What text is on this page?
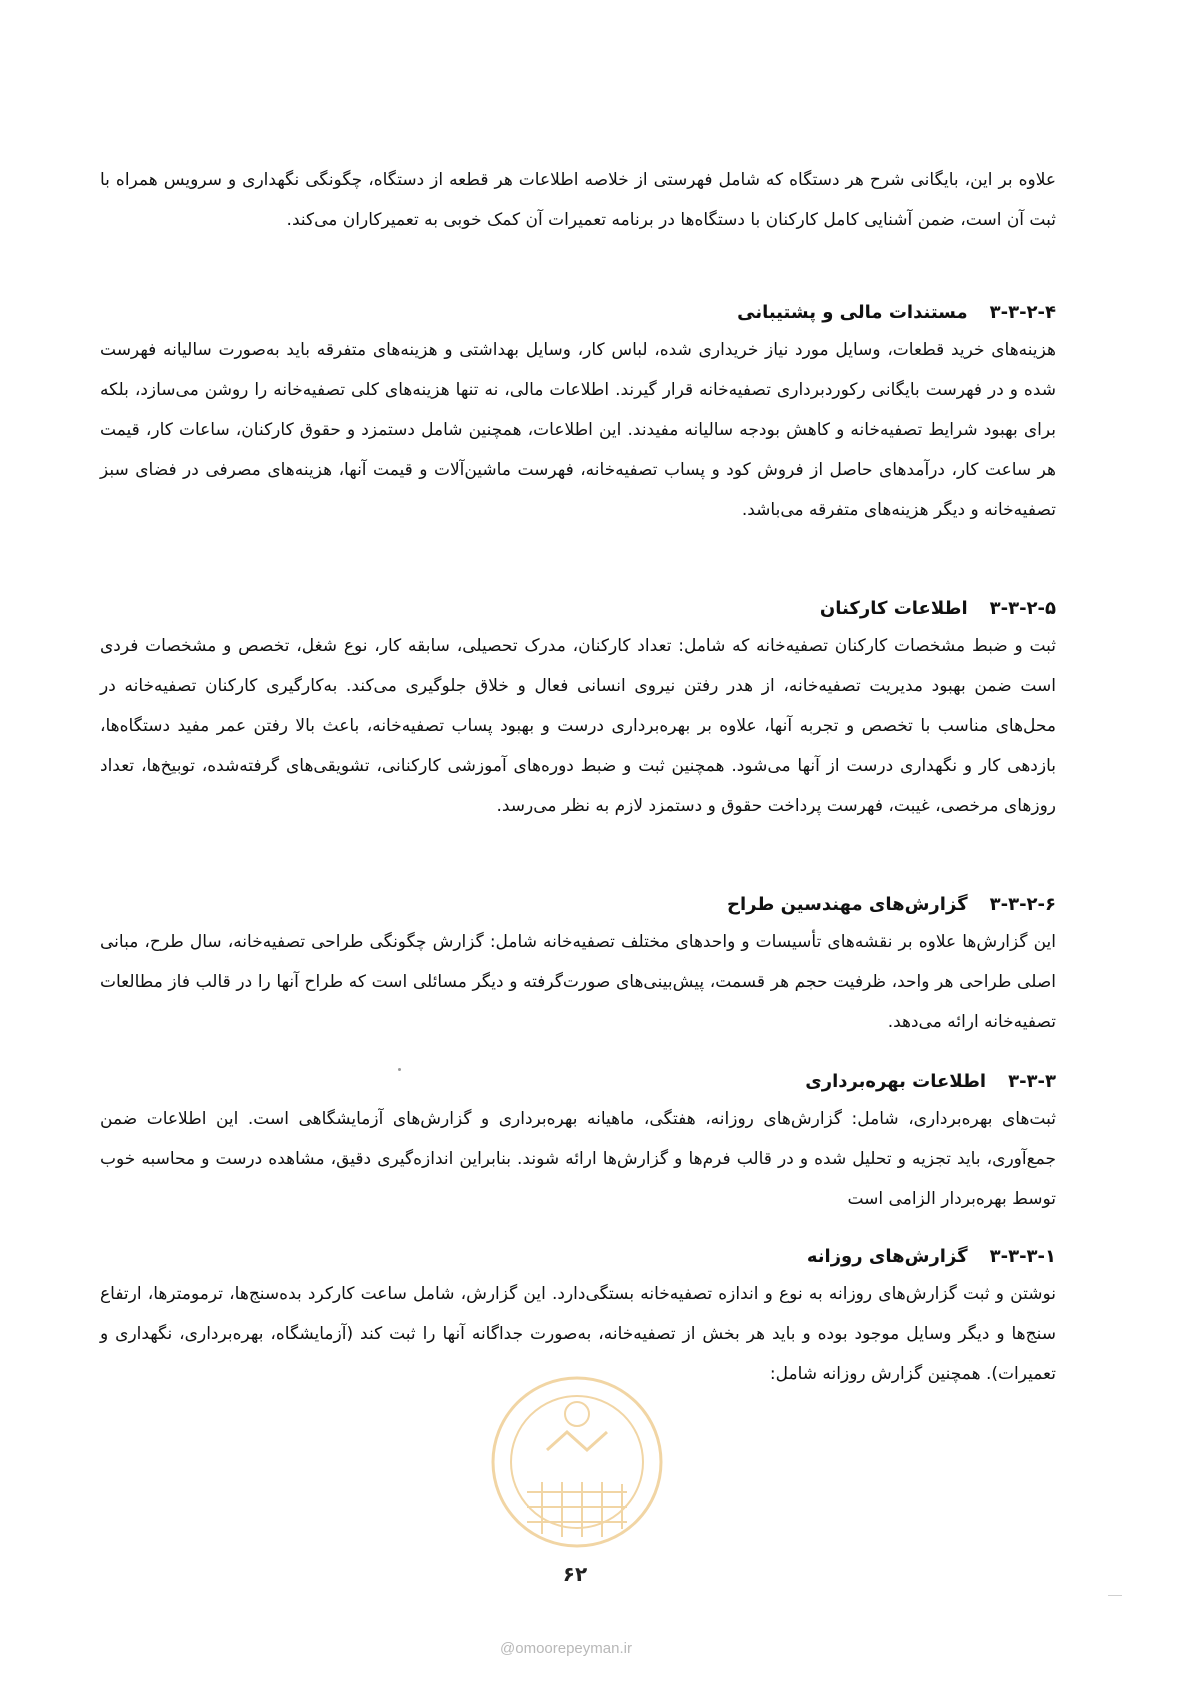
علاوه بر این، بایگانی شرح هر دستگاه که شامل فهرستی از خلاصه اطلاعات هر قطعه از دستگاه، چگونگی نگهداری و سرویس همراه با ثبت آن است، ضمن آشنایی کامل کارکنان با دستگاه‌ها در برنامه تعمیرات آن کمک خوبی به تعمیرکاران می‌کند.

۳-۳-۲-۴مستندات مالی و پشتیبانی

هزینه‌های خرید قطعات، وسایل مورد نیاز خریداری شده، لباس کار، وسایل بهداشتی و هزینه‌های متفرقه باید به‌صورت سالیانه فهرست شده و در فهرست بایگانی رکوردبرداری تصفیه‌خانه قرار گیرند. اطلاعات مالی، نه تنها هزینه‌های کلی تصفیه‌خانه را روشن می‌سازد، بلکه برای بهبود شرایط تصفیه‌خانه و کاهش بودجه سالیانه مفیدند. این اطلاعات، همچنین شامل دستمزد و حقوق کارکنان، ساعات کار، قیمت هر ساعت کار، درآمدهای حاصل از فروش کود و پساب تصفیه‌خانه، فهرست ماشین‌آلات و قیمت آنها، هزینه‌های مصرفی در فضای سبز تصفیه‌خانه و دیگر هزینه‌های متفرقه می‌باشد.

۳-۳-۲-۵اطلاعات کارکنان

ثبت و ضبط مشخصات کارکنان تصفیه‌خانه که شامل: تعداد کارکنان، مدرک تحصیلی، سابقه کار، نوع شغل، تخصص و مشخصات فردی است ضمن بهبود مدیریت تصفیه‌خانه، از هدر رفتن نیروی انسانی فعال و خلاق جلوگیری می‌کند. به‌کارگیری کارکنان تصفیه‌خانه در محل‌های مناسب با تخصص و تجربه آنها، علاوه بر بهره‌برداری درست و بهبود پساب تصفیه‌خانه، باعث بالا رفتن عمر مفید دستگاه‌ها، بازدهی کار و نگهداری درست از آنها می‌شود. همچنین ثبت و ضبط دوره‌های آموزشی کارکنانی، تشویقی‌های گرفته‌شده، توبیخ‌ها، تعداد روزهای مرخصی، غیبت، فهرست پرداخت حقوق و دستمزد لازم به نظر می‌رسد.

۳-۳-۲-۶گزارش‌های مهندسین طراح

این گزارش‌ها علاوه بر نقشه‌های تأسیسات و واحدهای مختلف تصفیه‌خانه شامل: گزارش چگونگی طراحی تصفیه‌خانه، سال طرح، مبانی اصلی طراحی هر واحد، ظرفیت حجم هر قسمت، پیش‌بینی‌های صورت‌گرفته و دیگر مسائلی است که طراح آنها را در قالب فاز مطالعات تصفیه‌خانه ارائه می‌دهد.

۳-۳-۳اطلاعات بهره‌برداری

ثبت‌های بهره‌برداری، شامل: گزارش‌های روزانه، هفتگی، ماهیانه بهره‌برداری و گزارش‌های آزمایشگاهی است. این اطلاعات ضمن جمع‌آوری، باید تجزیه و تحلیل شده و در قالب فرم‌ها و گزارش‌ها ارائه شوند. بنابراین اندازه‌گیری دقیق، مشاهده درست و محاسبه خوب توسط بهره‌بردار الزامی است

۳-۳-۳-۱گزارش‌های روزانه

نوشتن و ثبت گزارش‌های روزانه به نوع و اندازه تصفیه‌خانه بستگی‌دارد. این گزارش، شامل ساعت کارکرد بده‌سنج‌ها، ترمومترها، ارتفاع سنج‌ها و دیگر وسایل موجود بوده و باید هر بخش از تصفیه‌خانه، به‌صورت جداگانه آنها را ثبت کند (آزمایشگاه، بهره‌برداری، نگهداری و تعمیرات). همچنین گزارش روزانه شامل:

۶۲
@omoorepeyman.ir
